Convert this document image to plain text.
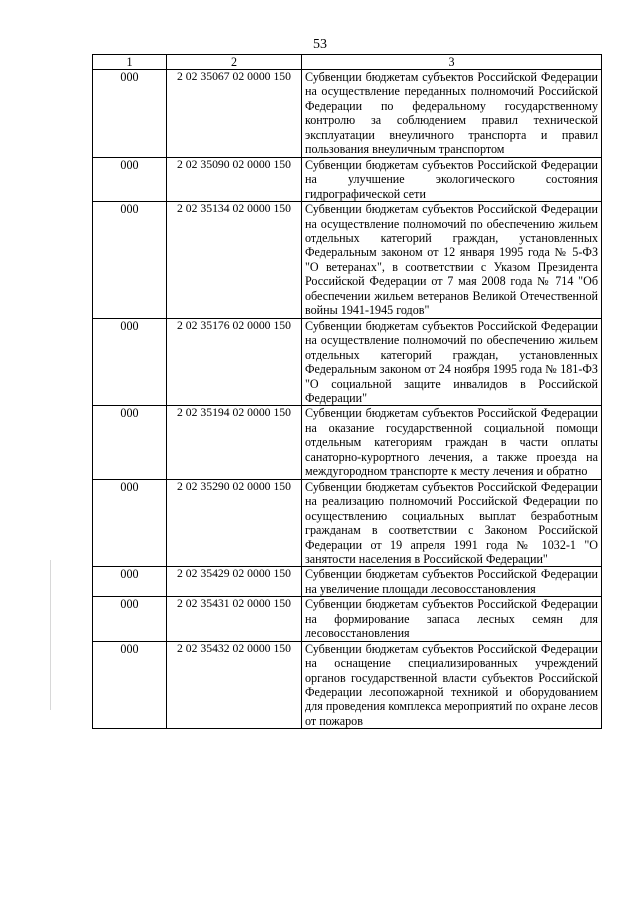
53
1	2	3
000	2 02 35067 02 0000 150	Субвенции бюджетам субъектов Российской Федерации на осуществление переданных полномочий Российской Федерации по федеральному государственному контролю за соблюдением правил технической эксплуатации внеуличного транспорта и правил пользования внеуличным транспортом
000	2 02 35090 02 0000 150	Субвенции бюджетам субъектов Российской Федерации на улучшение экологического состояния гидрографической сети
000	2 02 35134 02 0000 150	Субвенции бюджетам субъектов Российской Федерации на осуществление полномочий по обеспечению жильем отдельных категорий граждан, установленных Федеральным законом от 12 января 1995 года № 5-ФЗ "О ветеранах", в соответствии с Указом Президента Российской Федерации от 7 мая 2008 года № 714 "Об обеспечении жильем ветеранов Великой Отечественной войны 1941-1945 годов"
000	2 02 35176 02 0000 150	Субвенции бюджетам субъектов Российской Федерации на осуществление полномочий по обеспечению жильем отдельных категорий граждан, установленных Федеральным законом от 24 ноября 1995 года № 181-ФЗ "О социальной защите инвалидов в Российской Федерации"
000	2 02 35194 02 0000 150	Субвенции бюджетам субъектов Российской Федерации на оказание государственной социальной помощи отдельным категориям граждан в части оплаты санаторно-курортного лечения, а также проезда на междугородном транспорте к месту лечения и обратно
000	2 02 35290 02 0000 150	Субвенции бюджетам субъектов Российской Федерации на реализацию полномочий Российской Федерации по осуществлению социальных выплат безработным гражданам в соответствии с Законом Российской Федерации от 19 апреля 1991 года № 1032-1 "О занятости населения в Российской Федерации"
000	2 02 35429 02 0000 150	Субвенции бюджетам субъектов Российской Федерации на увеличение площади лесовосстановления
000	2 02 35431 02 0000 150	Субвенции бюджетам субъектов Российской Федерации на формирование запаса лесных семян для лесовосстановления
000	2 02 35432 02 0000 150	Субвенции бюджетам субъектов Российской Федерации на оснащение специализированных учреждений органов государственной власти субъектов Российской Федерации лесопожарной техникой и оборудованием для проведения комплекса мероприятий по охране лесов от пожаров
